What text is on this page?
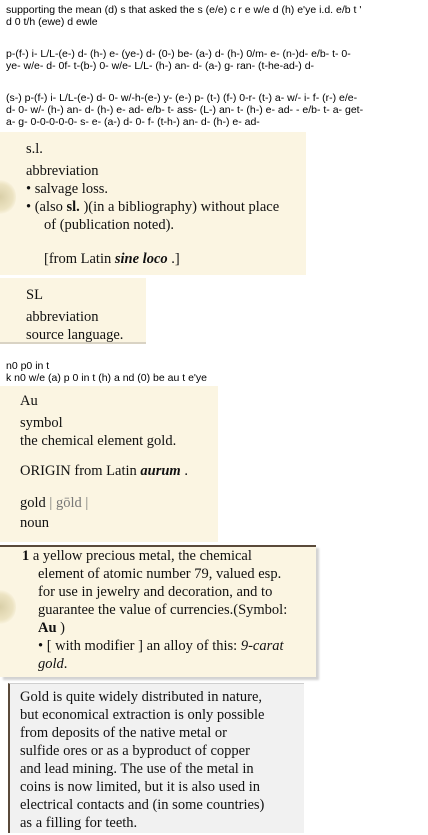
supporting the mean (d) s that asked the s (e/e) c r e w/e d (h) e'ye i.d. e/b t '
d 0 t/h (ewe) d ewle
p-(f-) i- L/L-(e-) d- (h-) e- (ye-) d- (0-) be- (a-) d- (h-) 0/m- e- (n-)d- e/b- t- 0-
ye- w/e- d- 0f- t-(b-) 0- w/e- L/L- (h-) an- d- (a-) g- ran- (t-he-ad-) d-
(s-) p-(f-) i- L/L-(e-) d- 0- w/-h-(e-) y- (e-) p- (t-) (f-) 0-r- (t-) a- w/- i- f- (r-) e/e-
d- 0- w/- (h-) an- d- (h-) e- ad- e/b- t- ass- (L-) an- t- (h-) e- ad- - e/b- t- a- get-
a- g- 0-0-0-0-0- s- e- (a-) d- 0- f- (t-h-) an- d- (h-) e- ad-

s.l.

abbreviation

• salvage loss.

• (also sl. )(in a bibliography) without place

of (publication noted).

[from Latin sine loco .]

SL

abbreviation

source language.

n0 p0 in t
k n0 w/e (a) p 0 in t (h) a nd (0) be au t e'ye

Au

symbol

the chemical element gold.

ORIGIN from Latin aurum .

gold | gōld |

noun

1 a yellow precious metal, the chemical

element of atomic number 79, valued esp.

for use in jewelry and decoration, and to

guarantee the value of currencies.(Symbol:

Au )

• [ with modifier ] an alloy of this: 9-carat

gold.

Gold is quite widely distributed in nature,

but economical extraction is only possible

from deposits of the native metal or

sulfide ores or as a byproduct of copper

and lead mining. The use of the metal in

coins is now limited, but it is also used in

electrical contacts and (in some countries)

as a filling for teeth.
